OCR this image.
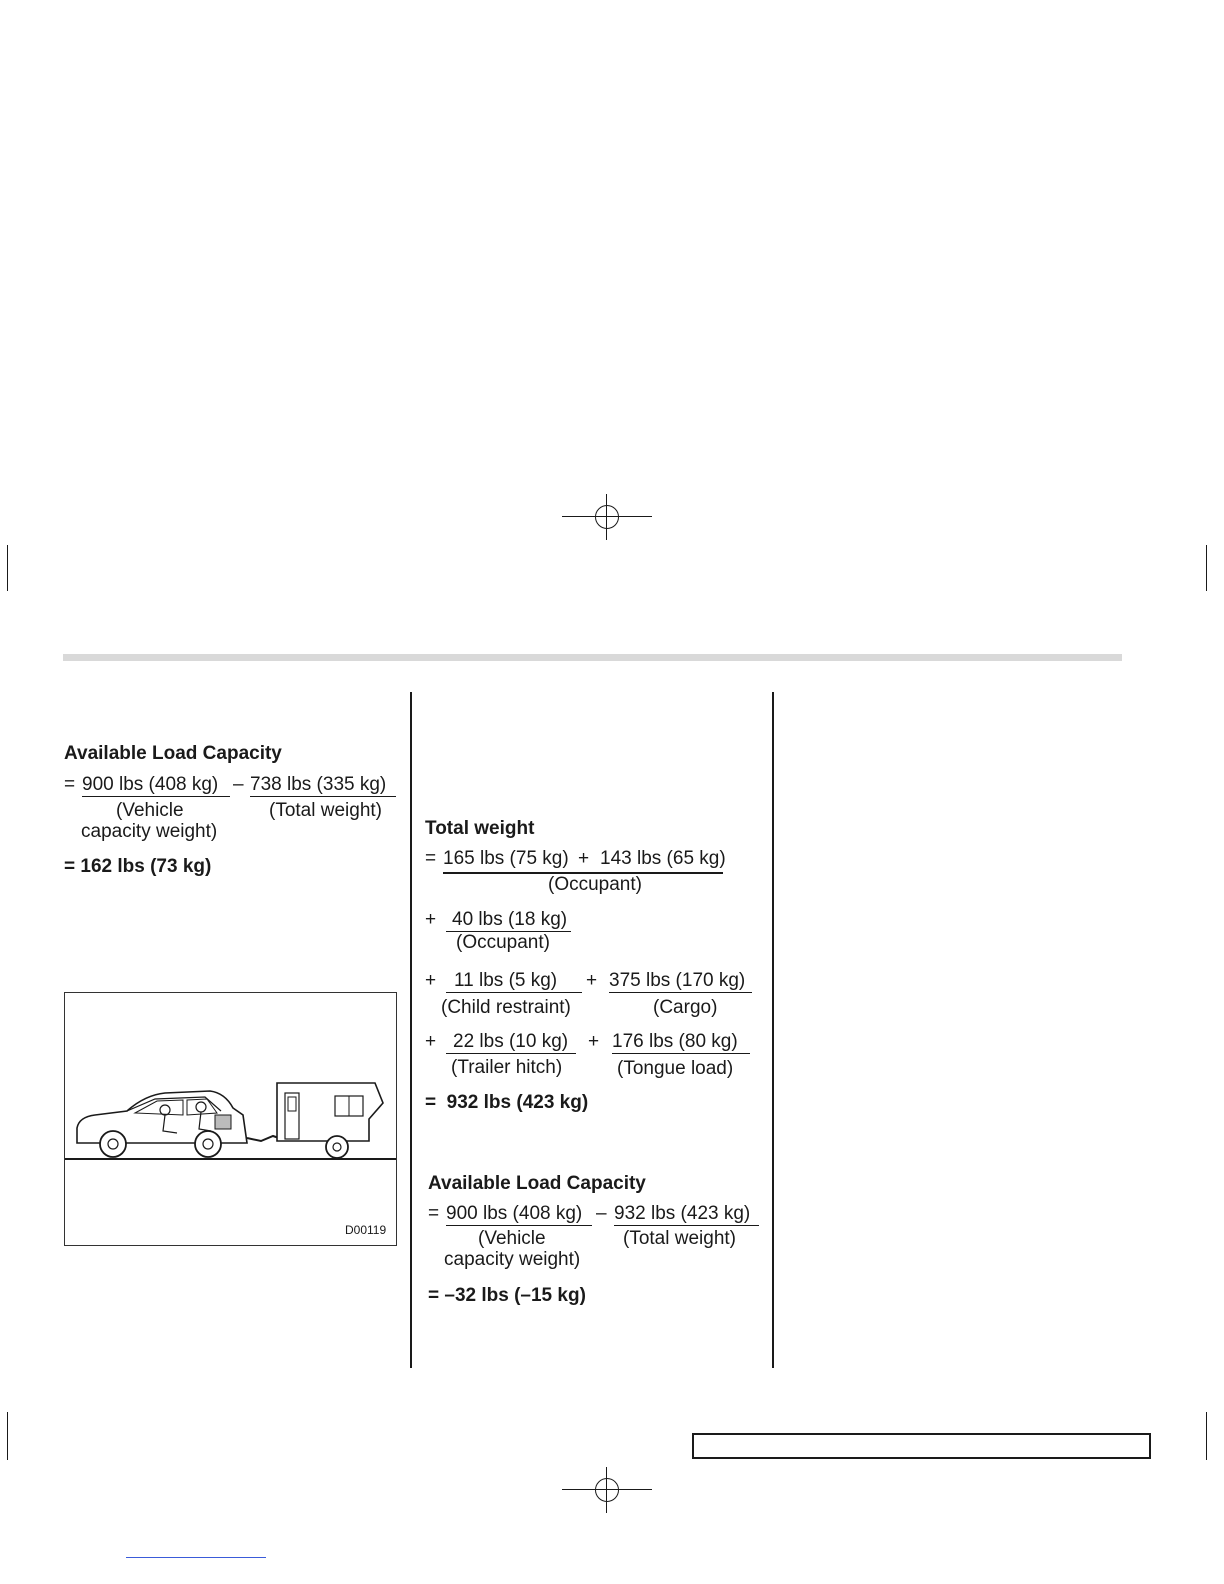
Available Load Capacity
= 900 lbs (408 kg) – 738 lbs (335 kg)
(Vehicle
capacity weight)
(Total weight)
= 162 lbs (73 kg)
D00119
Total weight
= 165 lbs (75 kg) + 143 lbs (65 kg)
(Occupant)
+ 40 lbs (18 kg)
(Occupant)
+ 11 lbs (5 kg)
(Child restraint)
+ 375 lbs (170 kg)
(Cargo)
+ 22 lbs (10 kg)
(Trailer hitch)
+ 176 lbs (80 kg)
(Tongue load)
=  932 lbs (423 kg)
Available Load Capacity
= 900 lbs (408 kg) – 932 lbs (423 kg)
(Vehicle
capacity weight)
(Total weight)
= –32 lbs (–15 kg)
